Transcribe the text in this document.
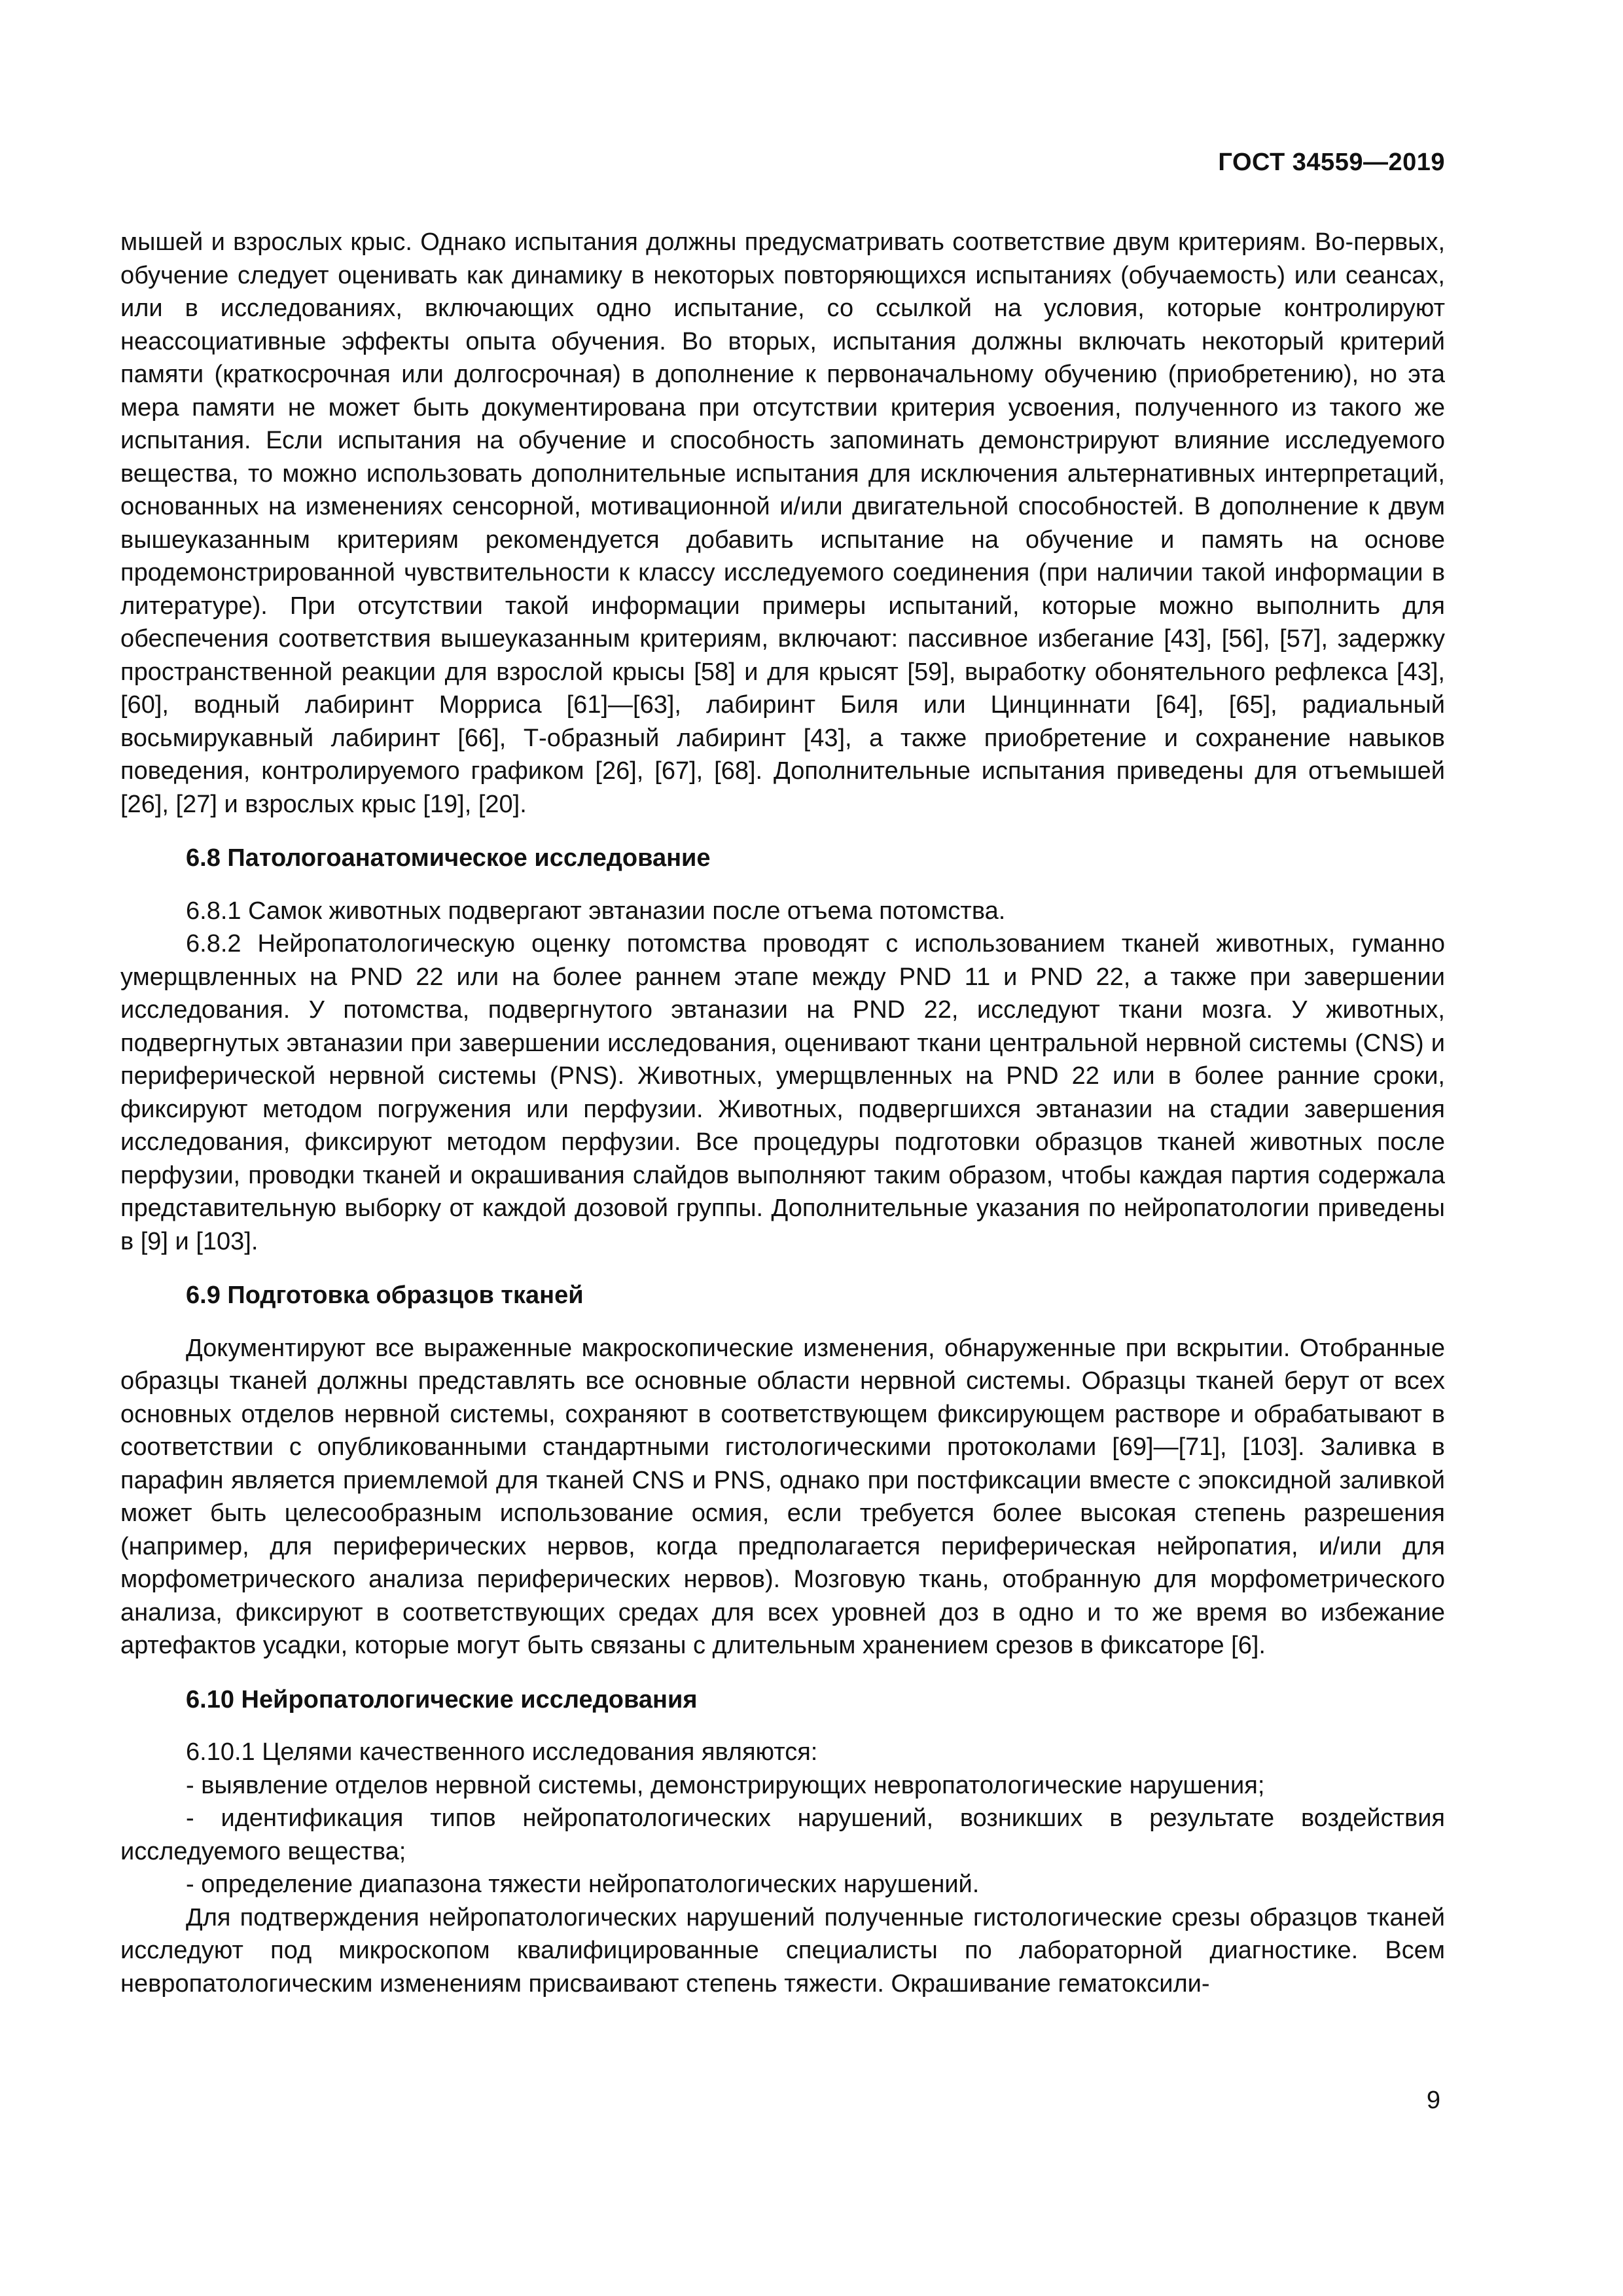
ГОСТ 34559—2019

мышей и взрослых крыс. Однако испытания должны предусматривать соответствие двум критериям. Во-первых, обучение следует оценивать как динамику в некоторых повторяющихся испытаниях (обучаемость) или сеансах, или в исследованиях, включающих одно испытание, со ссылкой на условия, которые контролируют неассоциативные эффекты опыта обучения. Во вторых, испытания должны включать некоторый критерий памяти (краткосрочная или долгосрочная) в дополнение к первоначальному обучению (приобретению), но эта мера памяти не может быть документирована при отсутствии критерия усвоения, полученного из такого же испытания. Если испытания на обучение и способность запоминать демонстрируют влияние исследуемого вещества, то можно использовать дополнительные испытания для исключения альтернативных интерпретаций, основанных на изменениях сенсорной, мотивационной и/или двигательной способностей. В дополнение к двум вышеуказанным критериям рекомендуется добавить испытание на обучение и память на основе продемонстрированной чувствительности к классу исследуемого соединения (при наличии такой информации в литературе). При отсутствии такой информации примеры испытаний, которые можно выполнить для обеспечения соответствия вышеуказанным критериям, включают: пассивное избегание [43], [56], [57], задержку пространственной реакции для взрослой крысы [58] и для крысят [59], выработку обонятельного рефлекса [43], [60], водный лабиринт Морриса [61]—[63], лабиринт Биля или Цинциннати [64], [65], радиальный восьмирукавный лабиринт [66], Т-образный лабиринт [43], а также приобретение и сохранение навыков поведения, контролируемого графиком [26], [67], [68]. Дополнительные испытания приведены для отъемышей [26], [27] и взрослых крыс [19], [20].

6.8 Патологоанатомическое исследование

6.8.1 Самок животных подвергают эвтаназии после отъема потомства.

6.8.2 Нейропатологическую оценку потомства проводят с использованием тканей животных, гуманно умерщвленных на PND 22 или на более раннем этапе между PND 11 и PND 22, а также при завершении исследования. У потомства, подвергнутого эвтаназии на PND 22, исследуют ткани мозга. У животных, подвергнутых эвтаназии при завершении исследования, оценивают ткани центральной нервной системы (CNS) и периферической нервной системы (PNS). Животных, умерщвленных на PND 22 или в более ранние сроки, фиксируют методом погружения или перфузии. Животных, подвергшихся эвтаназии на стадии завершения исследования, фиксируют методом перфузии. Все процедуры подготовки образцов тканей животных после перфузии, проводки тканей и окрашивания слайдов выполняют таким образом, чтобы каждая партия содержала представительную выборку от каждой дозовой группы. Дополнительные указания по нейропатологии приведены в [9] и [103].

6.9 Подготовка образцов тканей

Документируют все выраженные макроскопические изменения, обнаруженные при вскрытии. Отобранные образцы тканей должны представлять все основные области нервной системы. Образцы тканей берут от всех основных отделов нервной системы, сохраняют в соответствующем фиксирующем растворе и обрабатывают в соответствии с опубликованными стандартными гистологическими протоколами [69]—[71], [103]. Заливка в парафин является приемлемой для тканей CNS и PNS, однако при постфиксации вместе с эпоксидной заливкой может быть целесообразным использование осмия, если требуется более высокая степень разрешения (например, для периферических нервов, когда предполагается периферическая нейропатия, и/или для морфометрического анализа периферических нервов). Мозговую ткань, отобранную для морфометрического анализа, фиксируют в соответствующих средах для всех уровней доз в одно и то же время во избежание артефактов усадки, которые могут быть связаны с длительным хранением срезов в фиксаторе [6].

6.10 Нейропатологические исследования

6.10.1 Целями качественного исследования являются:

- выявление отделов нервной системы, демонстрирующих невропатологические нарушения;

- идентификация типов нейропатологических нарушений, возникших в результате воздействия исследуемого вещества;

- определение диапазона тяжести нейропатологических нарушений.

Для подтверждения нейропатологических нарушений полученные гистологические срезы образцов тканей исследуют под микроскопом квалифицированные специалисты по лабораторной диагностике. Всем невропатологическим изменениям присваивают степень тяжести. Окрашивание гематоксили-

9
